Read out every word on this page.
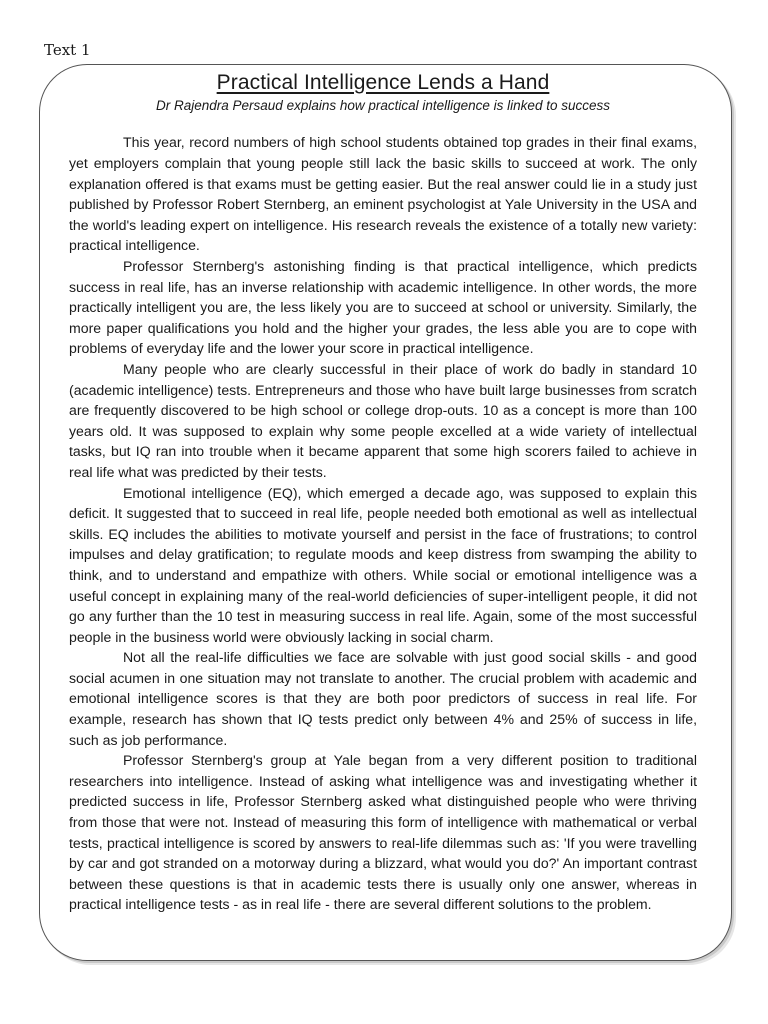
Text 1
Practical Intelligence Lends a Hand
Dr Rajendra Persaud explains how practical intelligence is linked to success

This year, record numbers of high school students obtained top grades in their final exams, yet employers complain that young people still lack the basic skills to succeed at work. The only explanation offered is that exams must be getting easier. But the real answer could lie in a study just published by Professor Robert Sternberg, an eminent psychologist at Yale University in the USA and the world's leading expert on intelligence. His research reveals the existence of a totally new variety: practical intelligence.

Professor Sternberg's astonishing finding is that practical intelligence, which predicts success in real life, has an inverse relationship with academic intelligence. In other words, the more practically intelligent you are, the less likely you are to succeed at school or university. Similarly, the more paper qualifications you hold and the higher your grades, the less able you are to cope with problems of everyday life and the lower your score in practical intelligence.

Many people who are clearly successful in their place of work do badly in standard 10 (academic intelligence) tests. Entrepreneurs and those who have built large businesses from scratch are frequently discovered to be high school or college drop-outs. 10 as a concept is more than 100 years old. It was supposed to explain why some people excelled at a wide variety of intellectual tasks, but IQ ran into trouble when it became apparent that some high scorers failed to achieve in real life what was predicted by their tests.

Emotional intelligence (EQ), which emerged a decade ago, was supposed to explain this deficit. It suggested that to succeed in real life, people needed both emotional as well as intellectual skills. EQ includes the abilities to motivate yourself and persist in the face of frustrations; to control impulses and delay gratification; to regulate moods and keep distress from swamping the ability to think, and to understand and empathize with others. While social or emotional intelligence was a useful concept in explaining many of the real-world deficiencies of super-intelligent people, it did not go any further than the 10 test in measuring success in real life. Again, some of the most successful people in the business world were obviously lacking in social charm.

Not all the real-life difficulties we face are solvable with just good social skills - and good social acumen in one situation may not translate to another. The crucial problem with academic and emotional intelligence scores is that they are both poor predictors of success in real life. For example, research has shown that IQ tests predict only between 4% and 25% of success in life, such as job performance.

Professor Sternberg's group at Yale began from a very different position to traditional researchers into intelligence. Instead of asking what intelligence was and investigating whether it predicted success in life, Professor Sternberg asked what distinguished people who were thriving from those that were not. Instead of measuring this form of intelligence with mathematical or verbal tests, practical intelligence is scored by answers to real-life dilemmas such as: 'If you were travelling by car and got stranded on a motorway during a blizzard, what would you do?' An important contrast between these questions is that in academic tests there is usually only one answer, whereas in practical intelligence tests - as in real life - there are several different solutions to the problem.
